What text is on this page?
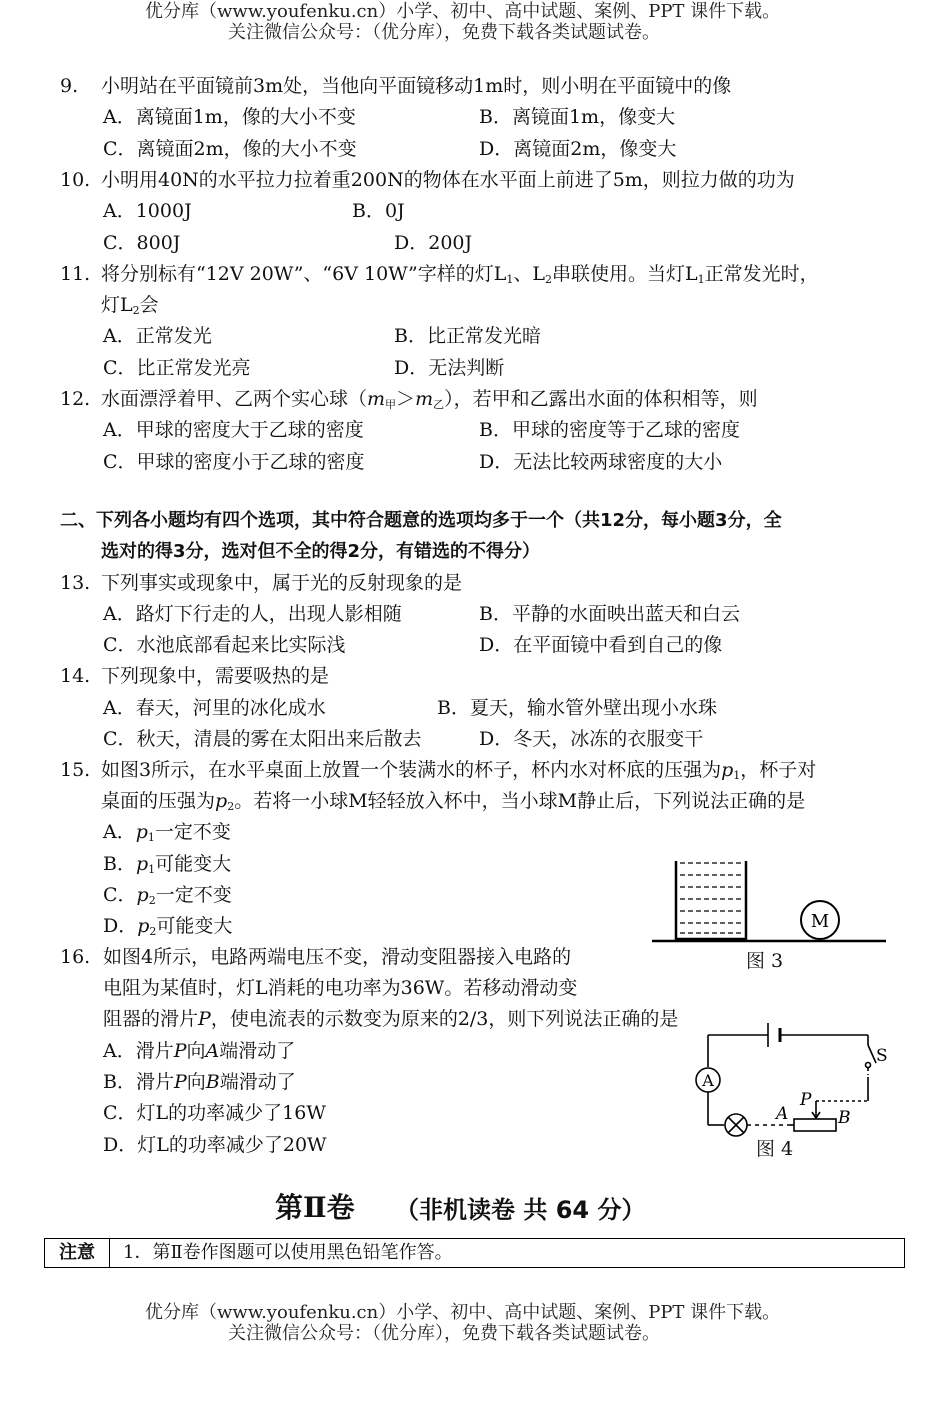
优分库（www.youfenku.cn）小学、初中、高中试题、案例、PPT 课件下载。
关注微信公众号：（优分库），免费下载各类试题试卷。
9. 小明站在平面镜前3m处，当他向平面镜移动1m时，则小明在平面镜中的像
A．离镜面1m，像的大小不变	B．离镜面1m，像变大
C．离镜面2m，像的大小不变	D．离镜面2m，像变大
10. 小明用40N的水平拉力拉着重200N的物体在水平面上前进了5m，则拉力做的功为
A．1000J	B．0J
C．800J	D．200J
11. 将分别标有“12V 20W”、“6V 10W”字样的灯$L_1$、$L_2$串联使用。当灯$L_1$正常发光时，
灯$L_2$会
A．正常发光	B．比正常发光暗
C．比正常发光亮	D．无法判断
12. 水面漂浮着甲、乙两个实心球$(m_甲>m_乙)$，若甲和乙露出水面的体积相等，则
A．甲球的密度大于乙球的密度	B．甲球的密度等于乙球的密度
C．甲球的密度小于乙球的密度	D．无法比较两球密度的大小
二、下列各小题均有四个选项，其中符合题意的选项均多于一个（共12分，每小题3分，全
选对的得3分，选对但不全的得2分，有错选的不得分）
13. 下列事实或现象中，属于光的反射现象的是
A．路灯下行走的人，出现人影相随	B．平静的水面映出蓝天和白云
C．水池底部看起来比实际浅	D．在平面镜中看到自己的像
14. 下列现象中，需要吸热的是
A．春天，河里的冰化成水	B．夏天，输水管外壁出现小水珠
C．秋天，清晨的雾在太阳出来后散去	D．冬天，冰冻的衣服变干
15. 如图3所示，在水平桌面上放置一个装满水的杯子，杯内水对杯底的压强为$p_1$，杯子对
桌面的压强为$p_2$。若将一小球M轻轻放入杯中，当小球M静止后，下列说法正确的是
A．$p_1$一定不变
B．$p_1$可能变大
C．$p_2$一定不变
D．$p_2$可能变大	M
图 3
16. 如图4所示，电路两端电压不变，滑动变阻器接入电路的
电阻为某值时，灯L消耗的电功率为36W。若移动滑动变
阻器的滑片P，使电流表的示数变为原来的2/3，则下列说法正确的是
A．滑片P向A端滑动了
B．滑片P向B端滑动了
C．灯L的功率减少了16W
D．灯L的功率减少了20W
S
A
P
A	B
图 4
第Ⅱ卷 （非机读卷 共 64 分）
注意	1．第Ⅱ卷作图题可以使用黑色铅笔作答。
优分库（www.youfenku.cn）小学、初中、高中试题、案例、PPT 课件下载。
关注微信公众号：（优分库），免费下载各类试题试卷。
